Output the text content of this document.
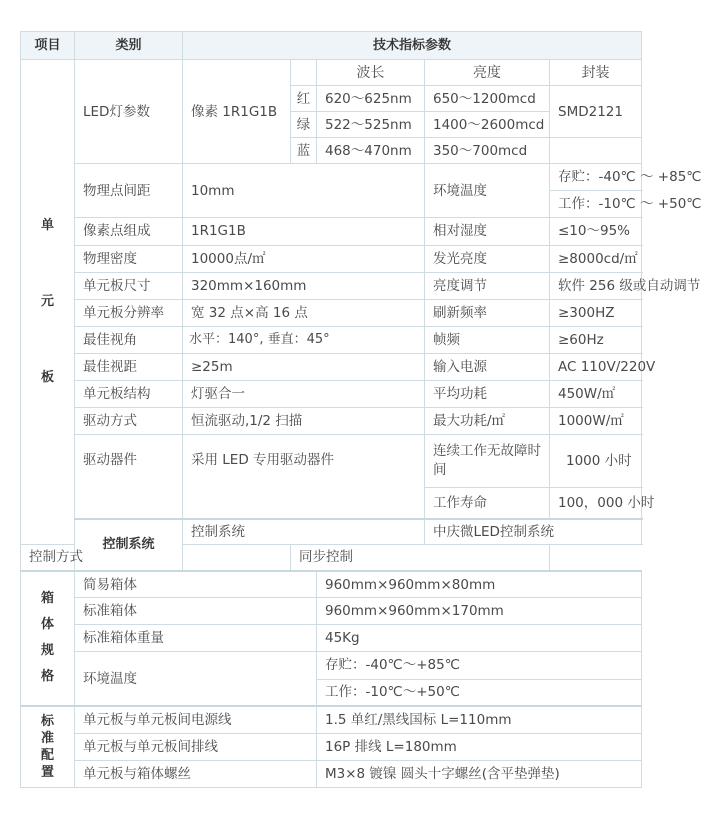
项目	类别	技术指标参数				

单
元
板	LED灯参数	像素 1R1G1B		波长	亮度	封装
			红	620～625nm	650～1200mcd	SMD2121
			绿	522～525nm	1400～2600mcd	
			蓝	468～470nm	350～700mcd	
	物理点间距	10mm			环境温度	存贮：-40℃ ～ +85℃
						工作：-10℃ ～ +50℃
	像素点组成	1R1G1B			相对湿度	≤10～95%
	物理密度	10000点/㎡			发光亮度	≥8000cd/㎡
	单元板尺寸	320mm×160mm			亮度调节	软件 256 级或自动调节
	单元板分辨率	宽 32 点×高 16 点			刷新频率	≥300HZ
	最佳视角	水平：140°, 垂直：45°			帧频	≥60Hz
	最佳视距	≥25m			输入电源	AC 110V/220V
	单元板结构	灯驱合一			平均功耗	450W/㎡
	驱动方式	恒流驱动,1/2 扫描			最大功耗/㎡	1000W/㎡
	驱动器件	采用 LED 专用驱动器件			连续工作无故障时间	1000 小时
					工作寿命	100，000 小时
	控制系统	控制系统			中庆微LED控制系统	
控制方式			同步控制			

箱
体
规
格	简易箱体			960mm×960mm×80mm		
	标准箱体			960mm×960mm×170mm		
	标准箱体重量			45Kg		
	环境温度			存贮：-40℃～+85℃		
				工作：-10℃～+50℃		

标
准
配
置	单元板与单元板间电源线			1.5 单红/黑线国标 L=110mm		
	单元板与单元板间排线			16P 排线 L=180mm		
	单元板与箱体螺丝			M3×8 镀镍 圆头十字螺丝(含平垫弹垫)		
